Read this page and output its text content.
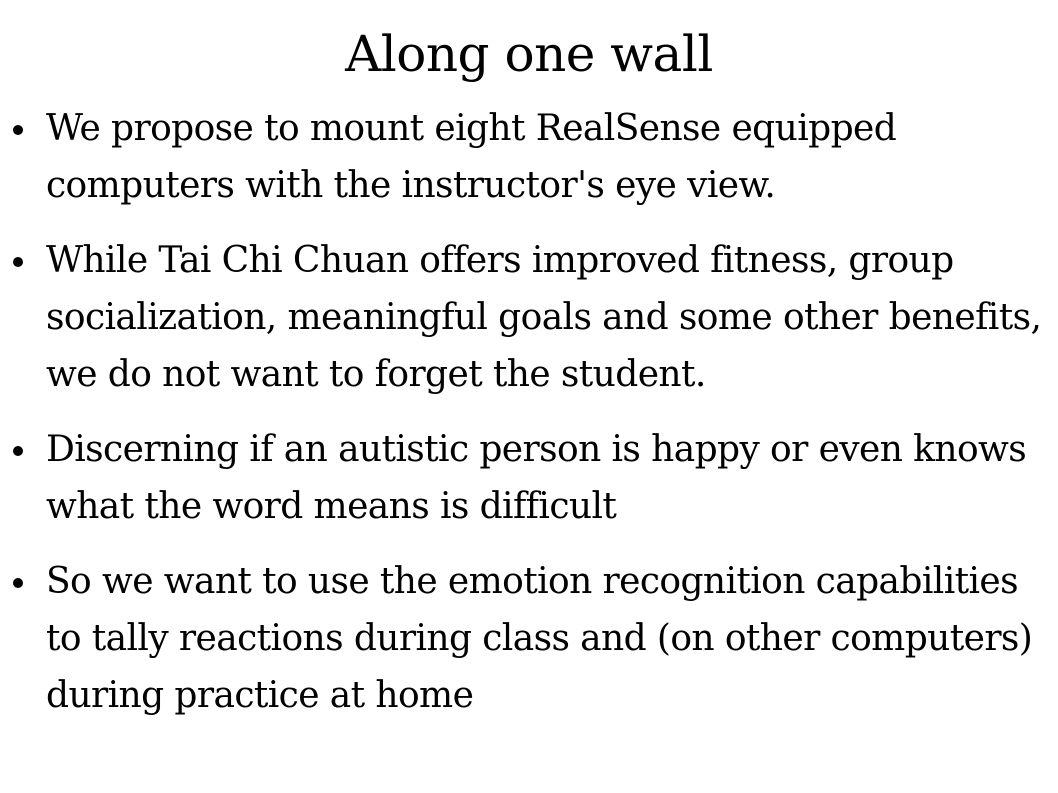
Along one wall
We propose to mount eight RealSense equipped computers with the instructor's eye view.
While Tai Chi Chuan offers improved fitness, group socialization, meaningful goals and some other benefits, we do not want to forget the student.
Discerning if an autistic person is happy or even knows what the word means is difficult
So we want to use the emotion recognition capabilities to tally reactions during class and (on other computers) during practice at home
